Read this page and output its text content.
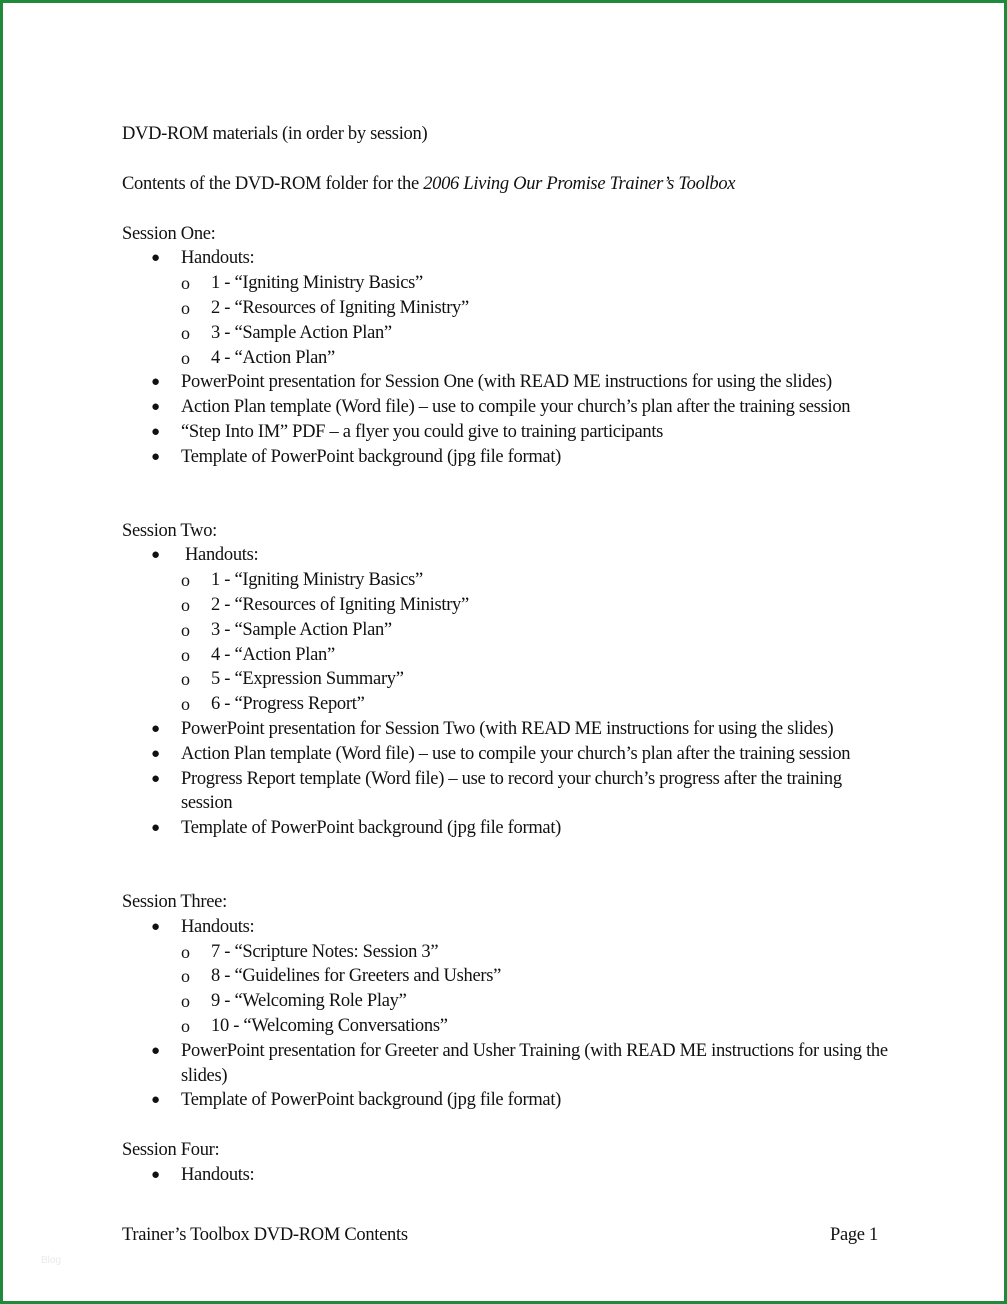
DVD-ROM materials (in order by session)

Contents of the DVD-ROM folder for the 2006 Living Our Promise Trainer’s Toolbox

Session One:

● Handouts:
o 1 - “Igniting Ministry Basics”
o 2 - “Resources of Igniting Ministry”
o 3 - “Sample Action Plan”
o 4 - “Action Plan”
● PowerPoint presentation for Session One (with READ ME instructions for using the slides)
● Action Plan template (Word file) – use to compile your church’s plan after the training session
● “Step Into IM” PDF – a flyer you could give to training participants
● Template of PowerPoint background (jpg file format)

Session Two:

● Handouts:
o 1 - “Igniting Ministry Basics”
o 2 - “Resources of Igniting Ministry”
o 3 - “Sample Action Plan”
o 4 - “Action Plan”
o 5 - “Expression Summary”
o 6 - “Progress Report”
● PowerPoint presentation for Session Two (with READ ME instructions for using the slides)
● Action Plan template (Word file) – use to compile your church’s plan after the training session
● Progress Report template (Word file) – use to record your church’s progress after the training session
● Template of PowerPoint background (jpg file format)

Session Three:

● Handouts:
o 7 - “Scripture Notes: Session 3”
o 8 - “Guidelines for Greeters and Ushers”
o 9 - “Welcoming Role Play”
o 10 - “Welcoming Conversations”
● PowerPoint presentation for Greeter and Usher Training (with READ ME instructions for using the slides)
● Template of PowerPoint background (jpg file format)

Session Four:

● Handouts:
Trainer’s Toolbox DVD-ROM Contents	Page 1
Blog
